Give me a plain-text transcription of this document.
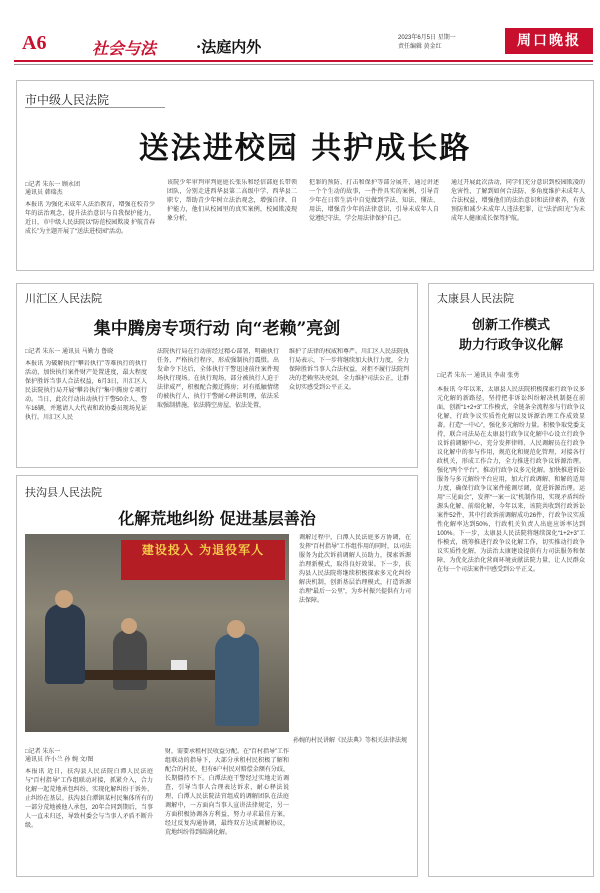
A6	社会与法	·法庭内外	2023年6月5日 星期一
责任编辑 黄金红	周口晚报
市中级人民法院
送法进校园 共护成长路
□记者 朱东一 顾永团
通讯员 韩瑞杰
本报讯 为强化未成年人法治教育，增强在校青少年的法治观念，提升法治意识与自我保护能力，近日，市中级人民法院以“防范校园欺凌 护航青春成长”为主题开展了“送法进校园”活动。
该院少年审判审判庭庭长张乐和经信部庭长带领团队，分别走进西华县第二高级中学、西华县二职专，帮助青少年树立法治观念，增强自律、自护能力，他们从校园里的真实案例，校园欺凌现象分析，
犯罪的预防、打击和保护等部分展开，通过讲述一个个生动的故事，一件件具实的案例，引导青少年在日常生活中自觉做到学法、知法、懂法、用法，增强青少年的法律意识，引导未成年人自觉遵纪守法，学会用法律保护自己。
通过开展此次活动，同学们充分意识到校园欺凌的危害性，了解到如何合法防、多角度维护未成年人合法权益，增强他们的法治意识和法律素养，有效预防和减少未成年人违法犯罪，让“法治阳光”为未成年人健康成长保驾护航。
川汇区人民法院
集中腾房专项行动 向“老赖”亮剑
□记者 朱东一 通讯员 马勤力 鲁晓
本报讯 为破解执行“攀岩执行”等难执行的执行活动，加快执行案件财产处置进度，最大程度保护胜诉当事人合法权益，6月3日，川汇区人民法院执行局开展“攀岩执行”集中腾房专项行动。当日，此次行动出动执行干警50余人、警车16辆，并邀请人大代表和政协委员现场见证执行。川汇区人民
法院执行局在行动前经过精心部署，明确执行任务，严格执行程序，形成强制执行震慑。出发命令下达后，全体执行干警迅速前往案件现场执行现场。在执行现场，部分被执行人迫于法律威严，积极配合搬迁腾房；对有抵触情绪的被执行人，执行干警耐心释法明理，依法采取强制措施，依法腾空房屋，依法处置，
维护了法律的权威和尊严。川汇区人民法院执行局表示，下一步将继续加大执行力度，全力保障胜诉当事人合法权益，对拒不履行法院判决的老赖坚决亮剑，全力维护司法公正，让群众切实感受到公平正义。
扶沟县人民法院
化解荒地纠纷 促进基层善治
建设投入 为退役军人
孙婉的村民讲解《民法典》等相关法律法规
□记者 朱东一
通讯员 许小兰 孙 婉 文/图
本报讯 近日，扶沟县人民法院白潭人民法庭与“百村指导”工作组联动对接，抓紧介入，合力化解一起荒地承包纠纷，实现化解纠纷于诉外、止纠纷在基层。扶沟县白潭镇某村民集体所有的一部分荒地被他人承包，20年合同到期后，当事人一直未归还，导致村委会与当事人矛盾不断升级。
财，需要承租村民收益分配。在“百村指导”工作组联动的指导下，大部分承租村民积极了解和配合的村民，但有6户村民对赔偿金额有分歧，长期僵持不下。白潭法庭干警经过实地走访调查，引导当事人合理表达诉求，耐心释法说理，白潭人民法院法官组成的调解团队在法庭调解中，一方面向当事人宣讲法律规定，另一方面积极协调各方利益，努力寻求最佳方案，经过反复沟通协调，最终双方达成调解协议，荒地纠纷得到圆满化解。
调解过程中，白潭人民法庭多方协调，在发挥“百村指导”工作组作用的同时，以司法服务为此次诉前调解人员助力，探索诉源治理新模式，取得良好效果。下一步，扶沟县人民法院将继续积极探索多元化纠纷解决机制，创新基层治理模式，打造诉源治理“最后一公里”，为乡村振兴提供有力司法保障。
太康县人民法院
创新工作模式
助力行政争议化解
□记者 朱东一 通讯员 李肃 张勇
本报讯 今年以来，太康县人民法院积极探索行政争议多元化解的新路径，坚持把非诉讼纠纷解决机制挺在前面，创新“1+2+3”工作模式，全链条全流程参与行政争议化解，行政争议实质性化解以及诉源治理工作成效显著。打造“一中心”，强化多元解纷力量。积极争取党委支持，联合司法局在太康县行政争议化解中心设立行政争议诉前调解中心，充分发挥律师、人民调解员在行政争议化解中的参与作用，规范化和规范化管理，对接各行政机关，形成工作合力，全力推进行政争议诉源治理。强化“两个平台”，推动行政争议多元化解。加快推进诉讼服务与多元解纷平台应用，加大行政调解、和解的适用力度，确保行政争议案件能调尽调，促进诉源治理。运用“三见面会”，发挥“一案一议”机制作用，实现矛盾纠纷源头化解、前端化解，今年以来，该院共收到行政诉讼案件52件，其中行政诉前调解成功26件，行政争议实质性化解率达到50%，行政机关负责人出庭应诉率达到100%。下一步，太康县人民法院将继续深化“1+2+3”工作模式，统筹推进行政争议化解工作，切实推动行政争议实质性化解，为法治太康建设提供有力司法服务和保障，为优化法治化营商环境贡献法院力量，让人民群众在每一个司法案件中感受到公平正义。
